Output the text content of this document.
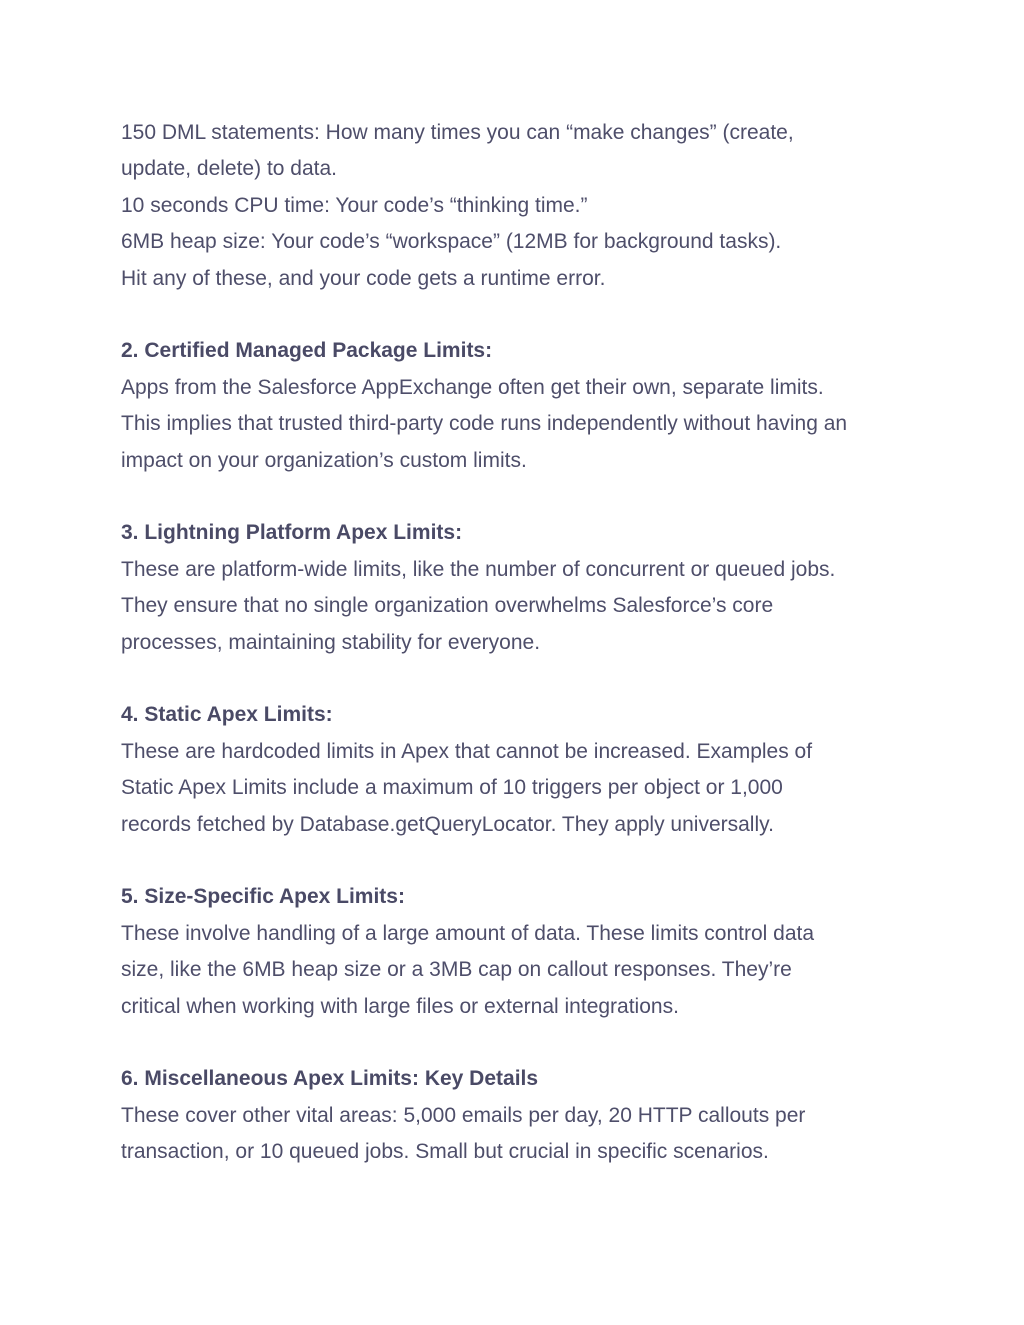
150 DML statements: How many times you can “make changes” (create,
update, delete) to data.
10 seconds CPU time: Your code’s “thinking time.”
6MB heap size: Your code’s “workspace” (12MB for background tasks).
Hit any of these, and your code gets a runtime error.
2. Certified Managed Package Limits:
Apps from the Salesforce AppExchange often get their own, separate limits.
This implies that trusted third-party code runs independently without having an
impact on your organization’s custom limits.
3. Lightning Platform Apex Limits:
These are platform-wide limits, like the number of concurrent or queued jobs.
They ensure that no single organization overwhelms Salesforce’s core
processes, maintaining stability for everyone.
4. Static Apex Limits:
These are hardcoded limits in Apex that cannot be increased. Examples of
Static Apex Limits include a maximum of 10 triggers per object or 1,000
records fetched by Database.getQueryLocator. They apply universally.
5. Size-Specific Apex Limits:
These involve handling of a large amount of data. These limits control data
size, like the 6MB heap size or a 3MB cap on callout responses. They’re
critical when working with large files or external integrations.
6. Miscellaneous Apex Limits: Key Details
These cover other vital areas: 5,000 emails per day, 20 HTTP callouts per
transaction, or 10 queued jobs. Small but crucial in specific scenarios.
